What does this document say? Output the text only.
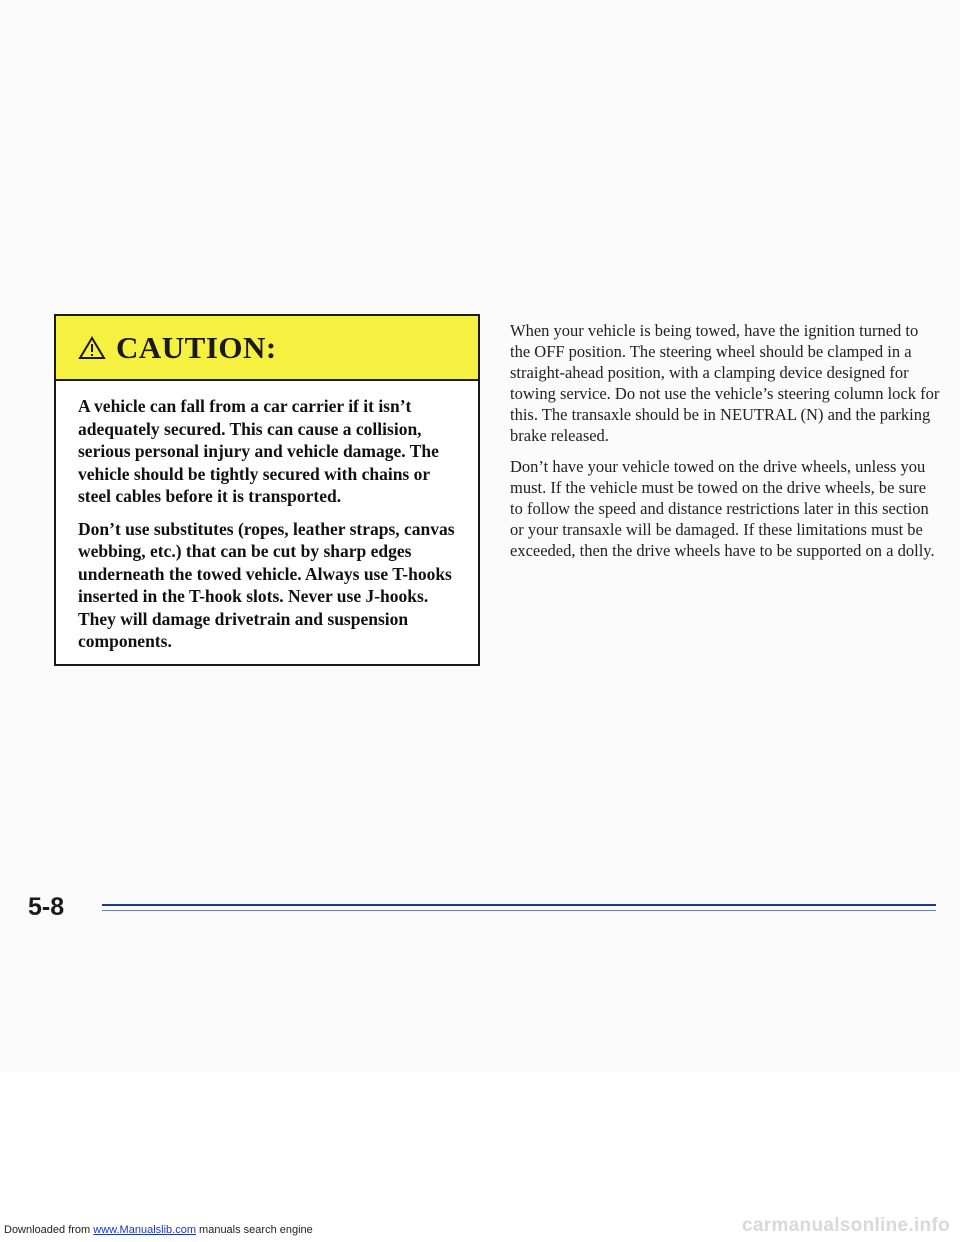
CAUTION:

A vehicle can fall from a car carrier if it isn’t adequately secured. This can cause a collision, serious personal injury and vehicle damage. The vehicle should be tightly secured with chains or steel cables before it is transported.

Don’t use substitutes (ropes, leather straps, canvas webbing, etc.) that can be cut by sharp edges underneath the towed vehicle. Always use T-hooks inserted in the T-hook slots. Never use J-hooks. They will damage drivetrain and suspension components.

When your vehicle is being towed, have the ignition turned to the OFF position. The steering wheel should be clamped in a straight-ahead position, with a clamping device designed for towing service. Do not use the vehicle’s steering column lock for this. The transaxle should be in NEUTRAL (N) and the parking brake released.

Don’t have your vehicle towed on the drive wheels, unless you must. If the vehicle must be towed on the drive wheels, be sure to follow the speed and distance restrictions later in this section or your transaxle will be damaged. If these limitations must be exceeded, then the drive wheels have to be supported on a dolly.

5-8
Downloaded from www.Manualslib.com manuals search engine	carmanualsonline.info
